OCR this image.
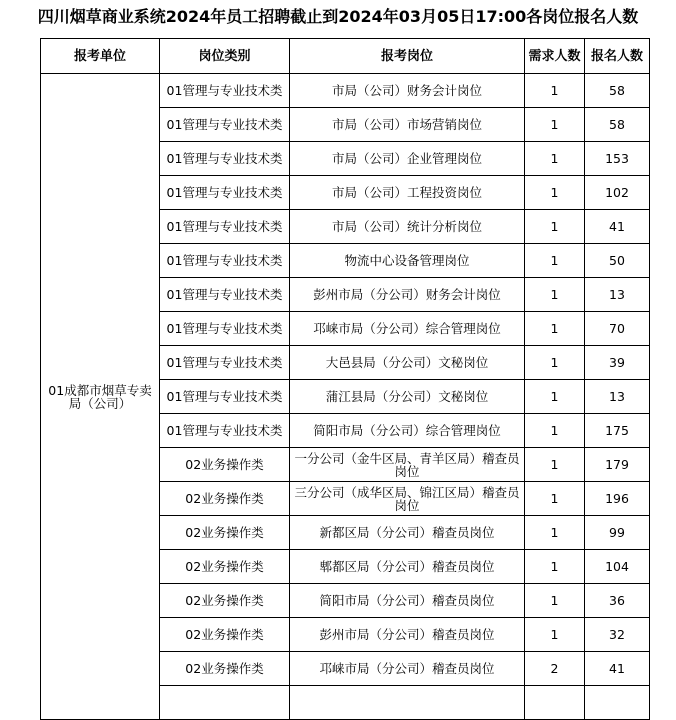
四川烟草商业系统2024年员工招聘截止到2024年03月05日17:00各岗位报名人数
报考单位	岗位类别	报考岗位	需求人数	报名人数

01成都市烟草专卖局（公司）	01管理与专业技术类	市局（公司）财务会计岗位	1	58
	01管理与专业技术类	市局（公司）市场营销岗位	1	58
	01管理与专业技术类	市局（公司）企业管理岗位	1	153
	01管理与专业技术类	市局（公司）工程投资岗位	1	102
	01管理与专业技术类	市局（公司）统计分析岗位	1	41
	01管理与专业技术类	物流中心设备管理岗位	1	50
	01管理与专业技术类	彭州市局（分公司）财务会计岗位	1	13
	01管理与专业技术类	邛崃市局（分公司）综合管理岗位	1	70
	01管理与专业技术类	大邑县局（分公司）文秘岗位	1	39
	01管理与专业技术类	蒲江县局（分公司）文秘岗位	1	13
	01管理与专业技术类	简阳市局（分公司）综合管理岗位	1	175
	02业务操作类	一分公司（金牛区局、青羊区局）稽查员岗位	1	179
	02业务操作类	三分公司（成华区局、锦江区局）稽查员岗位	1	196
	02业务操作类	新都区局（分公司）稽查员岗位	1	99
	02业务操作类	郫都区局（分公司）稽查员岗位	1	104
	02业务操作类	简阳市局（分公司）稽查员岗位	1	36
	02业务操作类	彭州市局（分公司）稽查员岗位	1	32
	02业务操作类	邛崃市局（分公司）稽查员岗位	2	41
